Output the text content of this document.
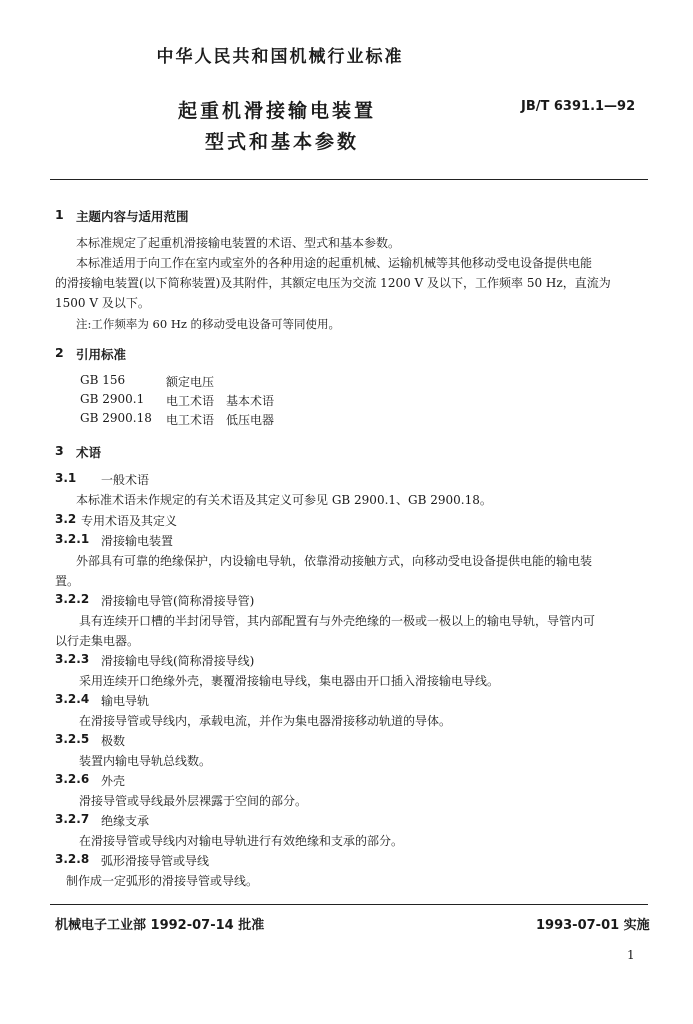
中华人民共和国机械行业标准
起重机滑接输电装置
型式和基本参数
JB/T 6391.1—92
1 主题内容与适用范围
本标准规定了起重机滑接输电装置的术语、型式和基本参数。
本标准适用于向工作在室内或室外的各种用途的起重机械、运输机械等其他移动受电设备提供电能
的滑接输电装置(以下简称装置)及其附件，其额定电压为交流 1200 V 及以下，工作频率 50 Hz，直流为
1500 V 及以下。
注:工作频率为 60 Hz 的移动受电设备可等同使用。
2 引用标准
GB 156	额定电压
GB 2900.1 电工术语　基本术语
GB 2900.18 电工术语　低压电器
3 术语
3.1 一般术语
本标准术语未作规定的有关术语及其定义可参见 GB 2900.1、GB 2900.18。
3.2 专用术语及其定义
3.2.1 滑接输电装置
外部具有可靠的绝缘保护，内设输电导轨，依靠滑动接触方式，向移动受电设备提供电能的输电装
置。
3.2.2 滑接输电导管(简称滑接导管)
具有连续开口槽的半封闭导管，其内部配置有与外壳绝缘的一极或一极以上的输电导轨，导管内可
以行走集电器。
3.2.3 滑接输电导线(简称滑接导线)
采用连续开口绝缘外壳，裹覆滑接输电导线，集电器由开口插入滑接输电导线。
3.2.4 输电导轨
在滑接导管或导线内，承载电流，并作为集电器滑接移动轨道的导体。
3.2.5 极数
装置内输电导轨总线数。
3.2.6 外壳
滑接导管或导线最外层裸露于空间的部分。
3.2.7 绝缘支承
在滑接导管或导线内对输电导轨进行有效绝缘和支承的部分。
3.2.8 弧形滑接导管或导线
制作成一定弧形的滑接导管或导线。
机械电子工业部 1992-07-14 批准	1993-07-01 实施
1
